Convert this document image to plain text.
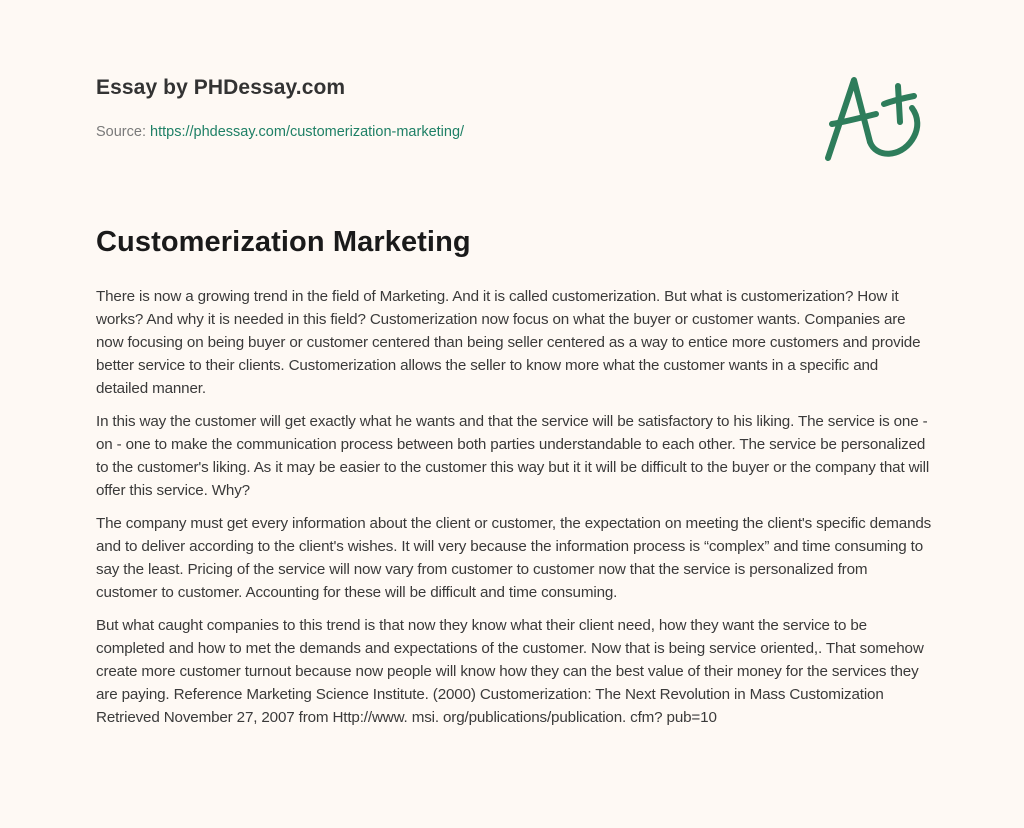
Essay by PHDessay.com
Source: https://phdessay.com/customerization-marketing/
Customerization Marketing

There is now a growing trend in the field of Marketing. And it is called customerization. But what is customerization? How it works? And why it is needed in this field? Customerization now focus on what the buyer or customer wants. Companies are now focusing on being buyer or customer centered than being seller centered as a way to entice more customers and provide better service to their clients. Customerization allows the seller to know more what the customer wants in a specific and detailed manner.

In this way the customer will get exactly what he wants and that the service will be satisfactory to his liking. The service is one - on - one to make the communication process between both parties understandable to each other. The service be personalized to the customer's liking. As it may be easier to the customer this way but it it will be difficult to the buyer or the company that will offer this service. Why?

The company must get every information about the client or customer, the expectation on meeting the client's specific demands and to deliver according to the client's wishes. It will very because the information process is “complex” and time consuming to say the least. Pricing of the service will now vary from customer to customer now that the service is personalized from customer to customer. Accounting for these will be difficult and time consuming.

But what caught companies to this trend is that now they know what their client need, how they want the service to be completed and how to met the demands and expectations of the customer. Now that is being service oriented,. That somehow create more customer turnout because now people will know how they can the best value of their money for the services they are paying. Reference Marketing Science Institute. (2000) Customerization: The Next Revolution in Mass Customization Retrieved November 27, 2007 from Http://www. msi. org/publications/publication. cfm? pub=10
